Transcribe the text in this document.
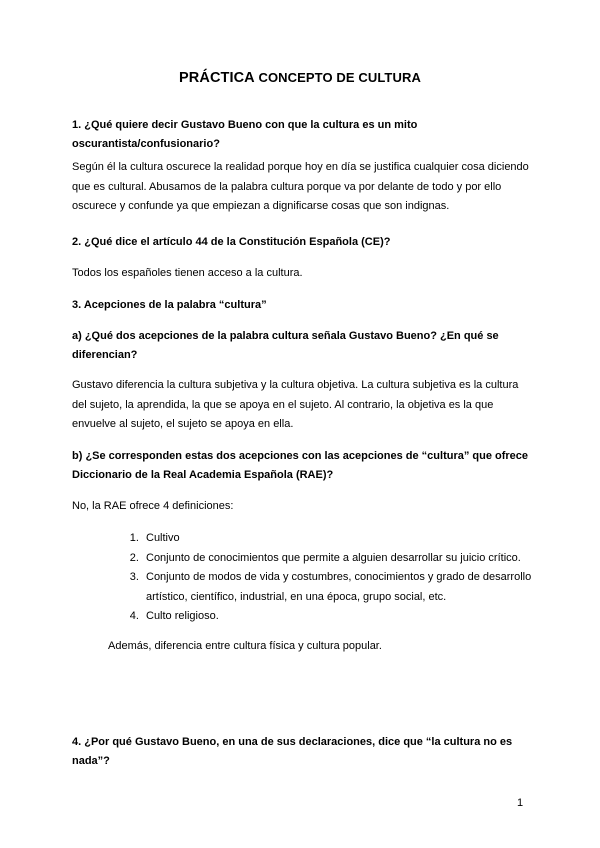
PRÁCTICA CONCEPTO DE CULTURA
1. ¿Qué quiere decir Gustavo Bueno con que la cultura es un mito oscurantista/confusionario?
Según él la cultura oscurece la realidad porque hoy en día se justifica cualquier cosa diciendo que es cultural. Abusamos de la palabra cultura porque va por delante de todo y por ello oscurece y confunde ya que empiezan a dignificarse cosas que son indignas.
2. ¿Qué dice el artículo 44 de la Constitución Española (CE)?
Todos los españoles tienen acceso a la cultura.
3. Acepciones de la palabra “cultura”
a) ¿Qué dos acepciones de la palabra cultura señala Gustavo Bueno? ¿En qué se diferencian?
Gustavo diferencia la cultura subjetiva y la cultura objetiva. La cultura subjetiva es la cultura del sujeto, la aprendida, la que se apoya en el sujeto. Al contrario, la objetiva es la que envuelve al sujeto, el sujeto se apoya en ella.
b) ¿Se corresponden estas dos acepciones con las acepciones de “cultura” que ofrece Diccionario de la Real Academia Española (RAE)?
No, la RAE ofrece 4 definiciones:
1. Cultivo
2. Conjunto de conocimientos que permite a alguien desarrollar su juicio crítico.
3. Conjunto de modos de vida y costumbres, conocimientos y grado de desarrollo artístico, científico, industrial, en una época, grupo social, etc.
4. Culto religioso.
Además, diferencia entre cultura física y cultura popular.
4. ¿Por qué Gustavo Bueno, en una de sus declaraciones, dice que “la cultura no es nada”?
1
